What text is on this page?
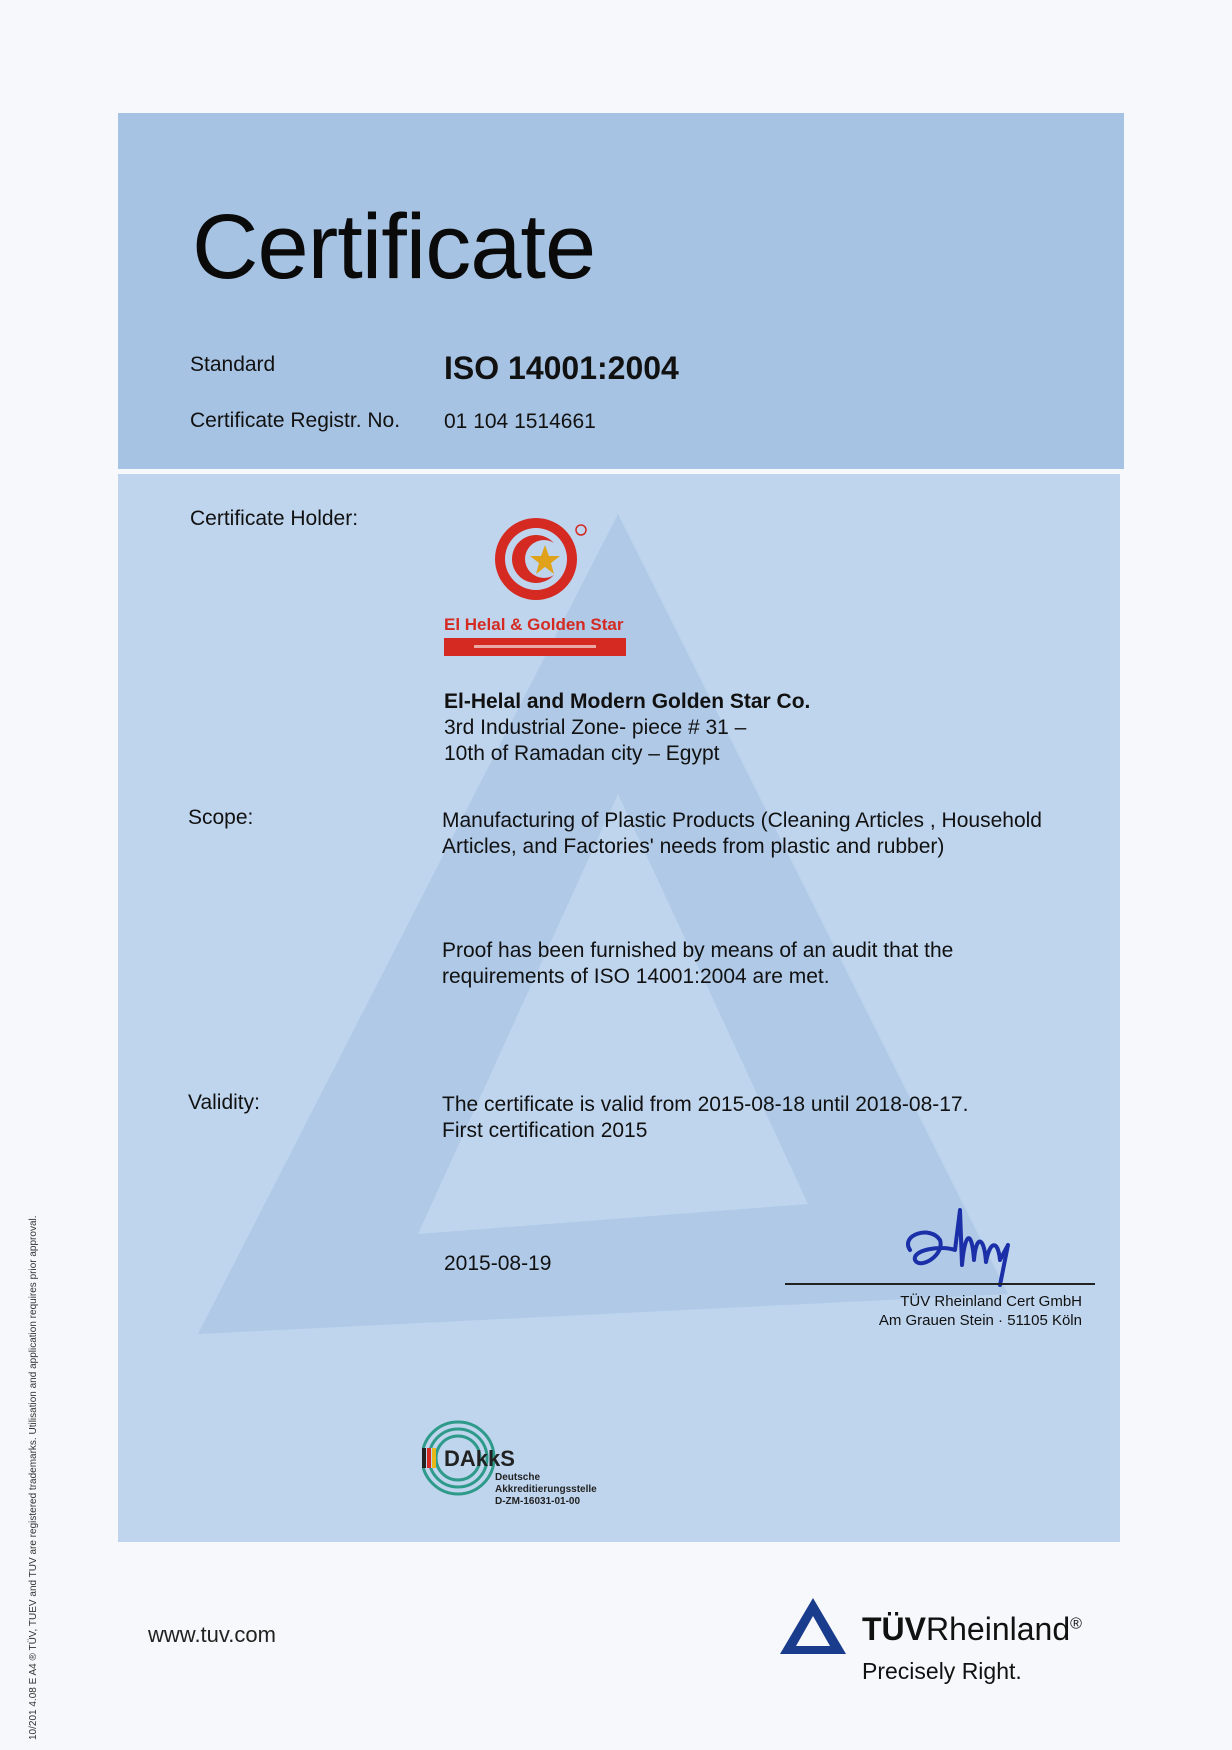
Certificate
Standard	ISO 14001:2004
Certificate Registr. No. 01 104 1514661
Certificate Holder:
El Helal & Golden Star
El-Helal and Modern Golden Star Co.
3rd Industrial Zone- piece # 31 –
10th of Ramadan city – Egypt
Scope:	Manufacturing of Plastic Products (Cleaning Articles , Household
Articles, and Factories' needs from plastic and rubber)
Proof has been furnished by means of an audit that the
requirements of ISO 14001:2004 are met.
Validity:	The certificate is valid from 2015-08-18 until 2018-08-17.
First certification 2015
2015-08-19
TÜV Rheinland Cert GmbH
Am Grauen Stein · 51105 Köln
DAkkS
Deutsche
Akkreditierungsstelle
D-ZM-16031-01-00
www.tuv.com	TÜVRheinland®
Precisely Right.
10/201 4.08 E A4 ® TÜV, TUEV and TUV are registered trademarks. Utilisation and application requires prior approval.
